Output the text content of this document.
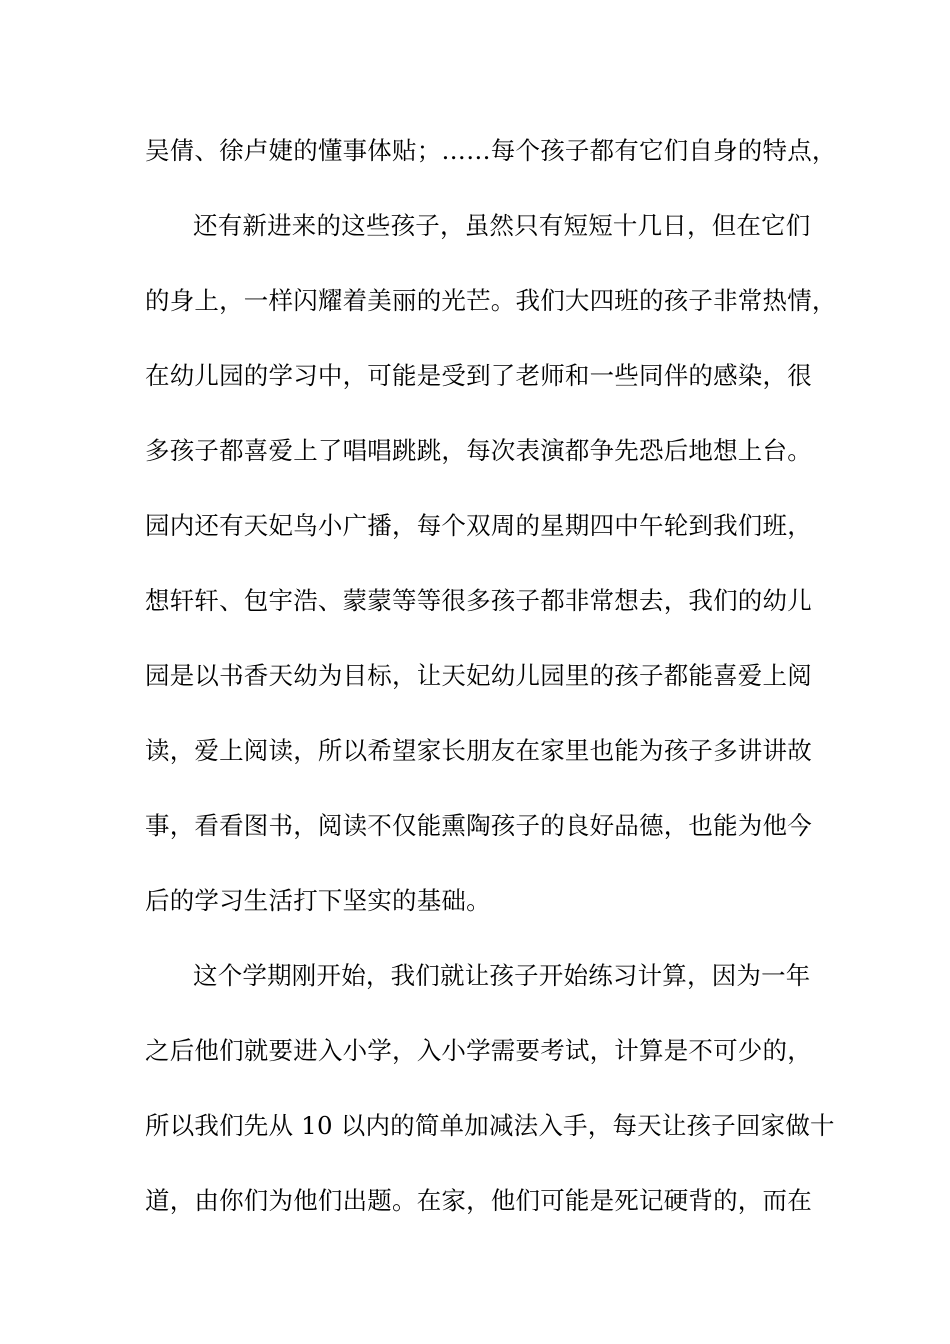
吴倩、徐卢婕的懂事体贴；……每个孩子都有它们自身的特点，
还有新进来的这些孩子，虽然只有短短十几日，但在它们
的身上，一样闪耀着美丽的光芒。我们大四班的孩子非常热情，
在幼儿园的学习中，可能是受到了老师和一些同伴的感染，很
多孩子都喜爱上了唱唱跳跳，每次表演都争先恐后地想上台。
园内还有天妃鸟小广播，每个双周的星期四中午轮到我们班，
想轩轩、包宇浩、蒙蒙等等很多孩子都非常想去，我们的幼儿
园是以书香天幼为目标，让天妃幼儿园里的孩子都能喜爱上阅
读，爱上阅读，所以希望家长朋友在家里也能为孩子多讲讲故
事，看看图书，阅读不仅能熏陶孩子的良好品德，也能为他今
后的学习生活打下坚实的基础。
这个学期刚开始，我们就让孩子开始练习计算，因为一年
之后他们就要进入小学，入小学需要考试，计算是不可少的，
所以我们先从 10 以内的简单加减法入手，每天让孩子回家做十
道，由你们为他们出题。在家，他们可能是死记硬背的，而在
